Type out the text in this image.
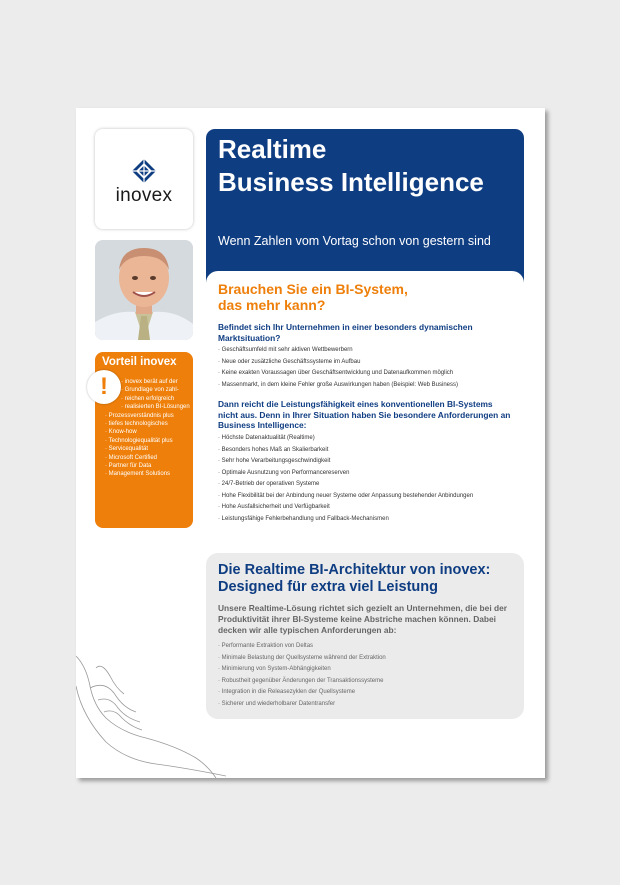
inovex
Vorteil inovex
!
·	inovex berät auf der
· Grundlage von zahl-
· reichen erfolgreich
· realisierten BI-Lösungen
· Prozessverständnis plus
· tiefes technologisches
· Know-how
· Technologiequalität plus
· Servicequalität
· Microsoft Certified
· Partner für Data
· Management Solutions
Realtime
Business Intelligence
Wenn Zahlen vom Vortag schon von gestern sind
Brauchen Sie ein BI-System,
das mehr kann?
Befindet sich Ihr Unternehmen in einer besonders dynamischen Marktsituation?
· Geschäftsumfeld mit sehr aktiven Wettbewerbern
· Neue oder zusätzliche Geschäftssysteme im Aufbau
· Keine exakten Voraussagen über Geschäftsentwicklung und Datenaufkommen möglich
· Massenmarkt, in dem kleine Fehler große Auswirkungen haben (Beispiel: Web Business)
Dann reicht die Leistungsfähigkeit eines konventionellen BI-Systems nicht aus. Denn in Ihrer Situation haben Sie besondere Anforderungen an Business Intelligence:
· Höchste Datenaktualität (Realtime)
· Besonders hohes Maß an Skalierbarkeit
· Sehr hohe Verarbeitungsgeschwindigkeit
· Optimale Ausnutzung von Performancereserven
· 24/7-Betrieb der operativen Systeme
· Hohe Flexibilität bei der Anbindung neuer Systeme oder Anpassung bestehender Anbindungen
· Hohe Ausfallsicherheit und Verfügbarkeit
· Leistungsfähige Fehlerbehandlung und Fallback-Mechanismen
Die Realtime BI-Architektur von inovex:
Designed für extra viel Leistung
Unsere Realtime-Lösung richtet sich gezielt an Unternehmen, die bei der Produktivität ihrer BI-Systeme keine Abstriche machen können. Dabei decken wir alle typischen Anforderungen ab:
· Performante Extraktion von Deltas
· Minimale Belastung der Quellsysteme während der Extraktion
· Minimierung von System-Abhängigkeiten
· Robustheit gegenüber Änderungen der Transaktionssysteme
· Integration in die Releasezyklen der Quellsysteme
· Sicherer und wiederholbarer Datentransfer
